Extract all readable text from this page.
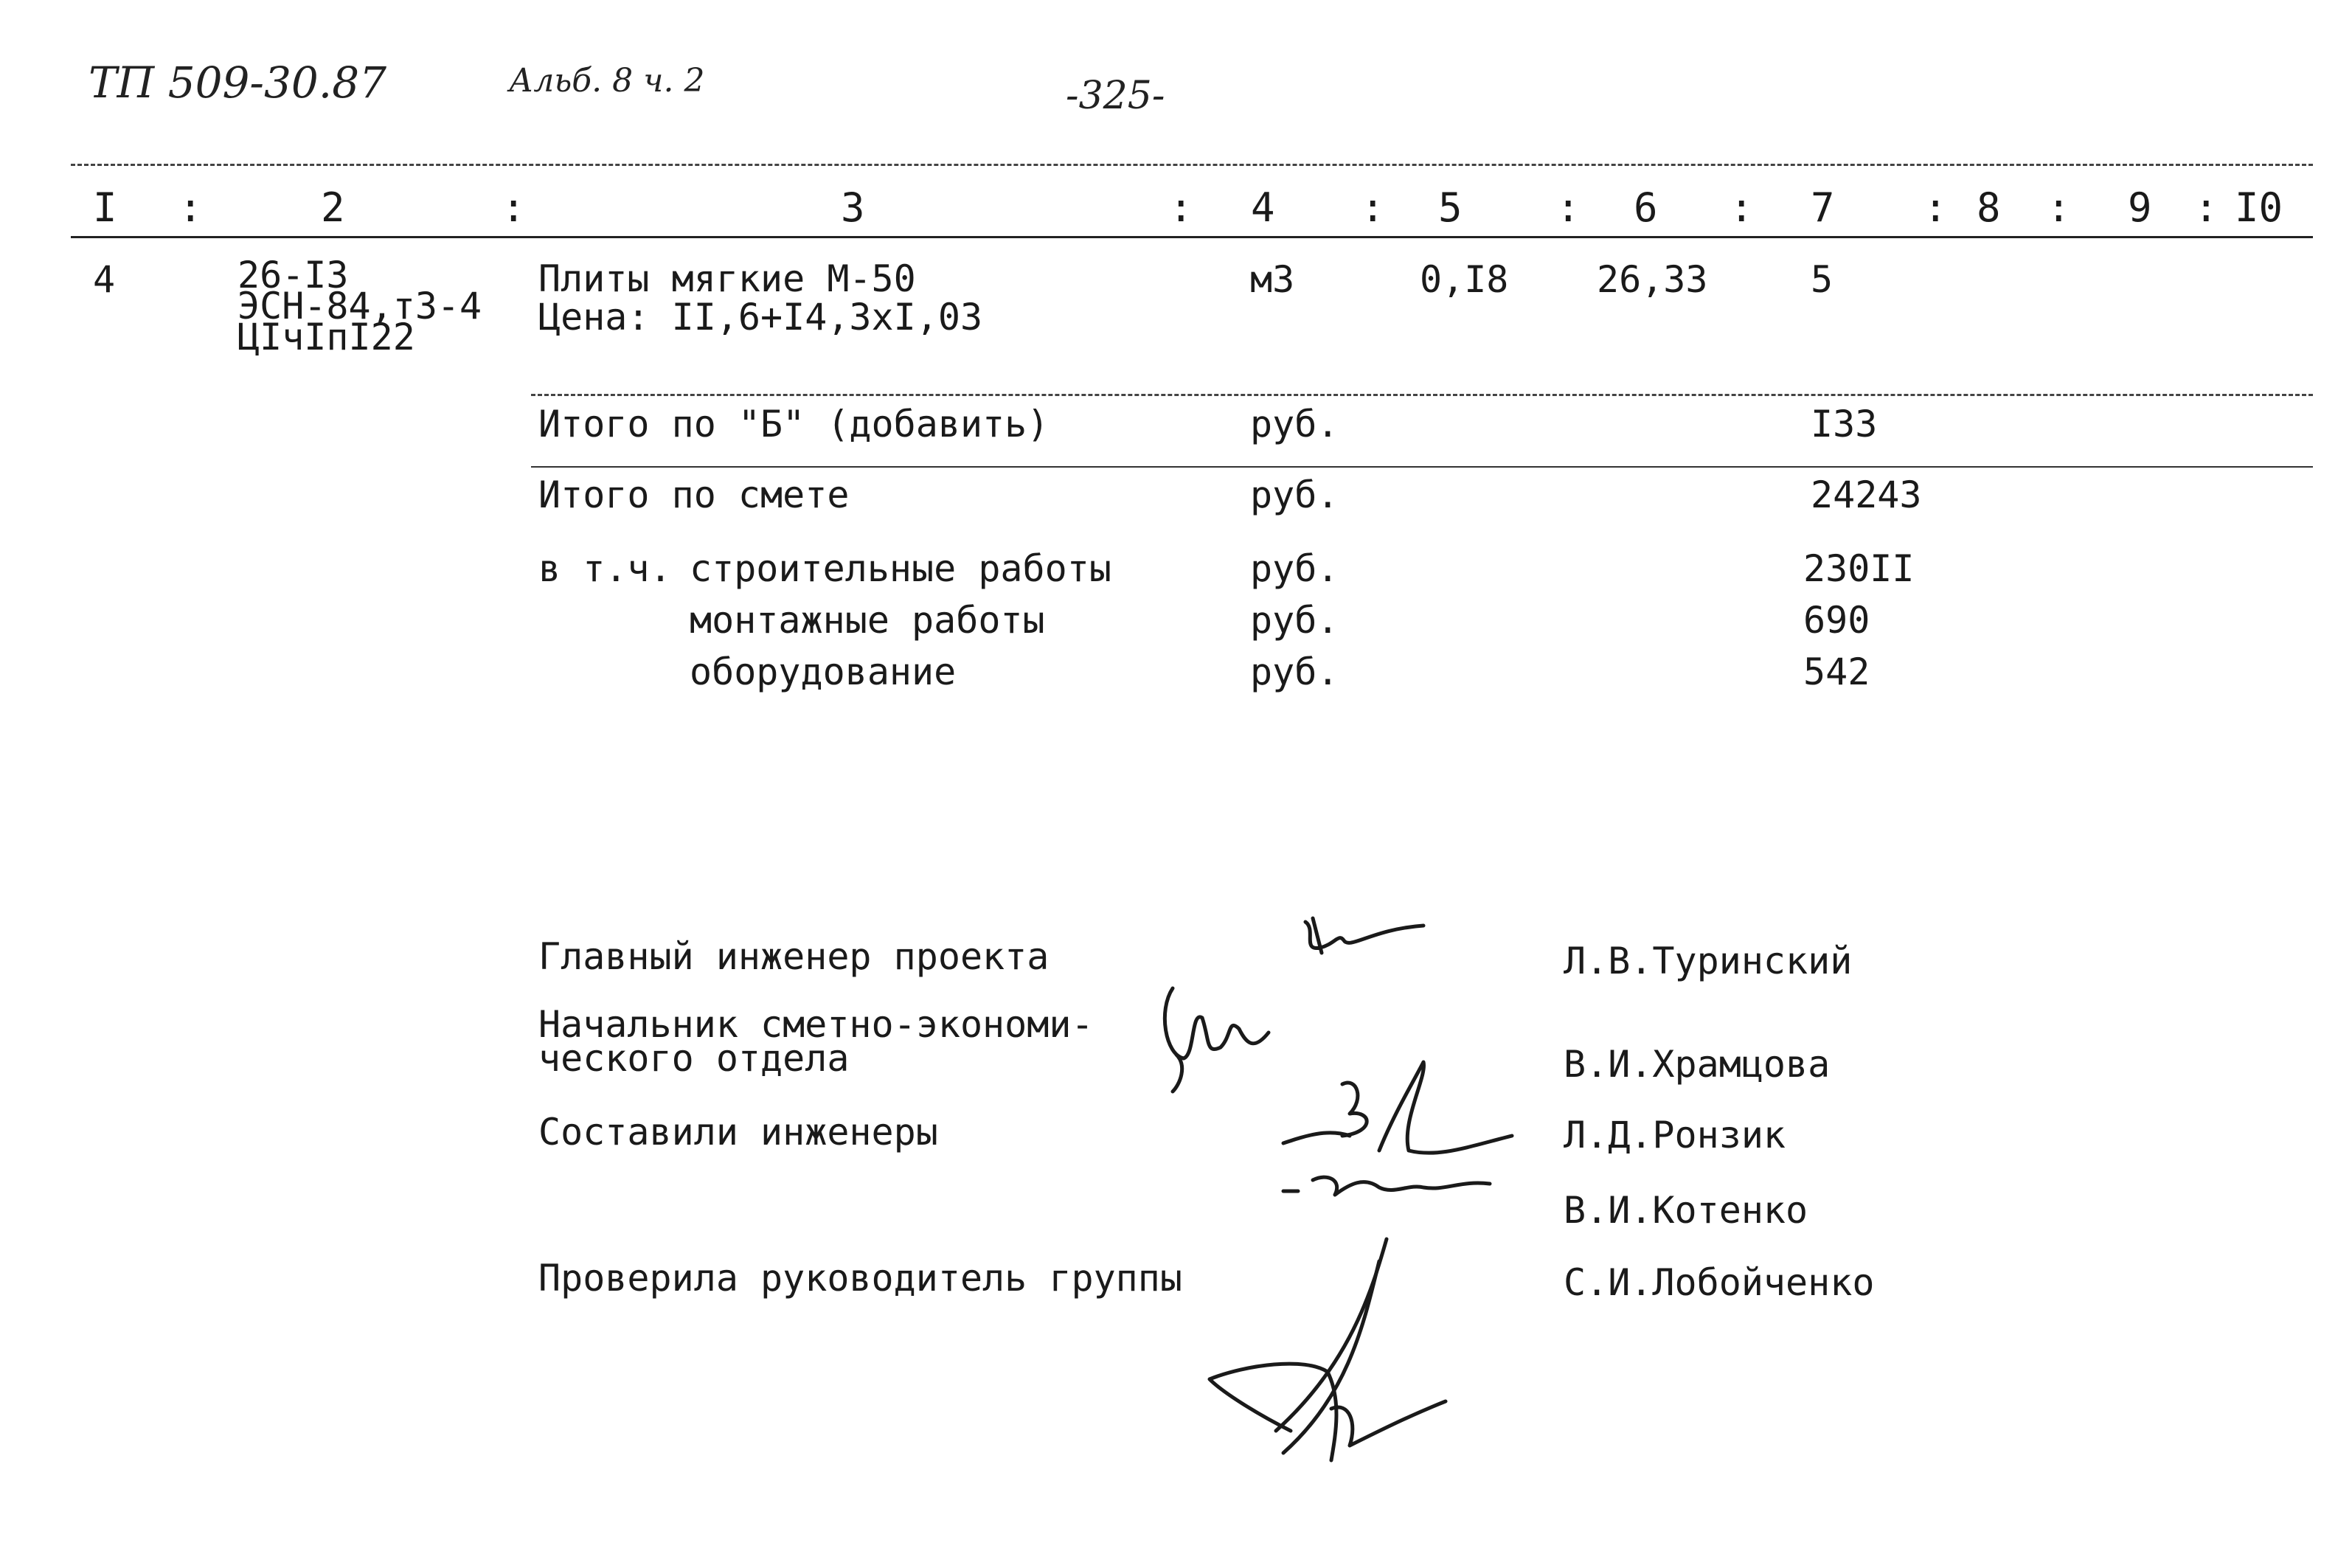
ТП 509-30.87	Альб. 8 ч. 2	-325-
I :	2	:	3	: 4 : 5 : 6 : 7 : 8 : 9 : I0
4	26-I3
ЭСН-84,т3-4
ЦIчIпI22
Плиты мягкие М-50
Цена: II,6+I4,3хI,03
м3	0,I8 26,33	5
Итого по "Б" (добавить)	руб.	I33
Итого по смете	руб.	24243
в т.ч. строительные работы	руб.	230II
монтажные работы	руб.	690
оборудование	руб.	542
Главный инженер проекта
Начальник сметно-экономи-
ческого отдела
Составили инженеры
Проверила руководитель группы
Л.В.Туринский
В.И.Храмцова
Л.Д.Ронзик
В.И.Котенко
С.И.Лобойченко
